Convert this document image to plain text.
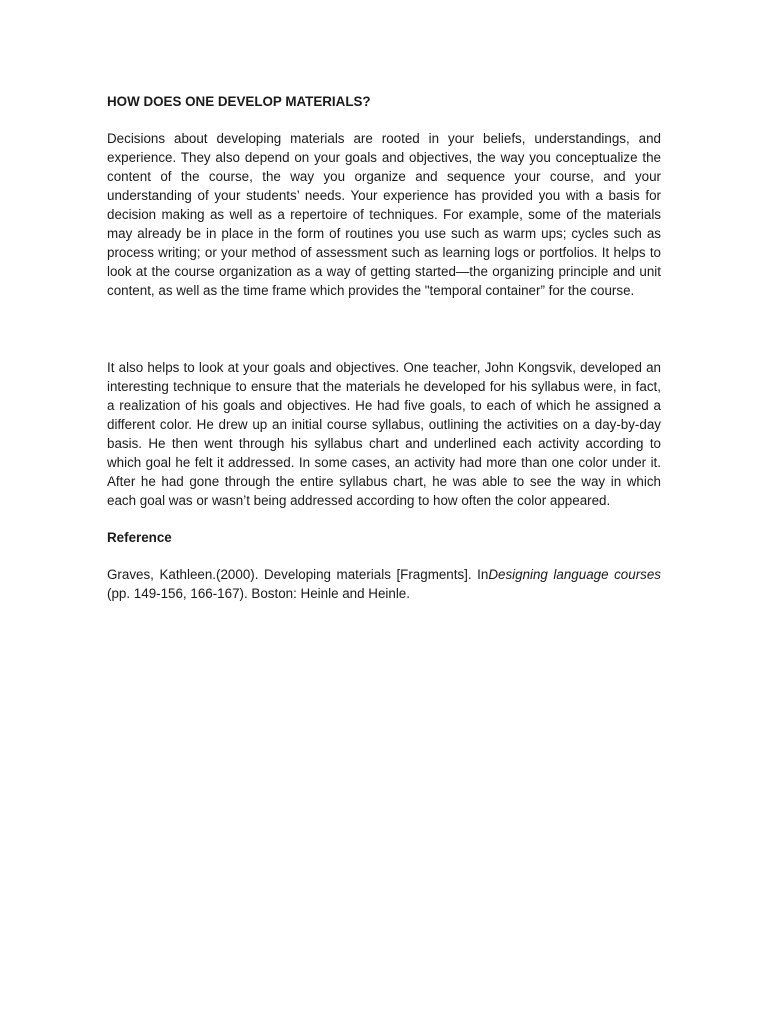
HOW DOES ONE DEVELOP MATERIALS?

Decisions about developing materials are rooted in your beliefs, understandings, and experience. They also depend on your goals and objectives, the way you conceptualize the content of the course, the way you organize and sequence your course, and your understanding of your students’ needs. Your experience has provided you with a basis for decision making as well as a repertoire of techniques. For example, some of the materials may already be in place in the form of routines you use such as warm ups; cycles such as process writing; or your method of assessment such as learning logs or portfolios. It helps to look at the course organization as a way of getting started—the organizing principle and unit content, as well as the time frame which provides the "temporal container” for the course.

It also helps to look at your goals and objectives. One teacher, John Kongsvik, developed an interesting technique to ensure that the materials he developed for his syllabus were, in fact, a realization of his goals and objectives. He had five goals, to each of which he assigned a different color. He drew up an initial course syllabus, outlining the activities on a day-by-day basis. He then went through his syllabus chart and underlined each activity according to which goal he felt it addressed. In some cases, an activity had more than one color under it. After he had gone through the entire syllabus chart, he was able to see the way in which each goal was or wasn’t being addressed according to how often the color appeared.

Reference

Graves, Kathleen.(2000). Developing materials [Fragments]. InDesigning language courses (pp. 149-156, 166-167). Boston: Heinle and Heinle.
